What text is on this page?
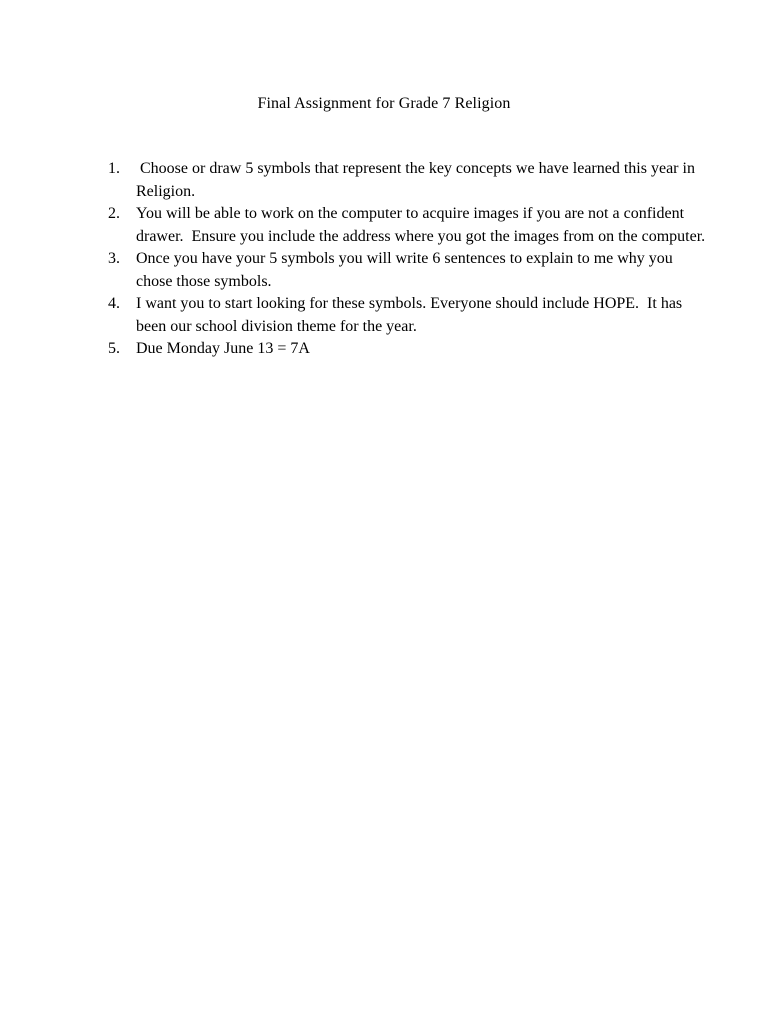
Final Assignment for Grade 7 Religion
1.	Choose or draw 5 symbols that represent the key concepts we have learned this year in Religion.
2.	You will be able to work on the computer to acquire images if you are not a confident drawer.  Ensure you include the address where you got the images from on the computer.
3.	Once you have your 5 symbols you will write 6 sentences to explain to me why you chose those symbols.
4.	I want you to start looking for these symbols. Everyone should include HOPE.  It has been our school division theme for the year.
5.	Due Monday June 13 = 7A
